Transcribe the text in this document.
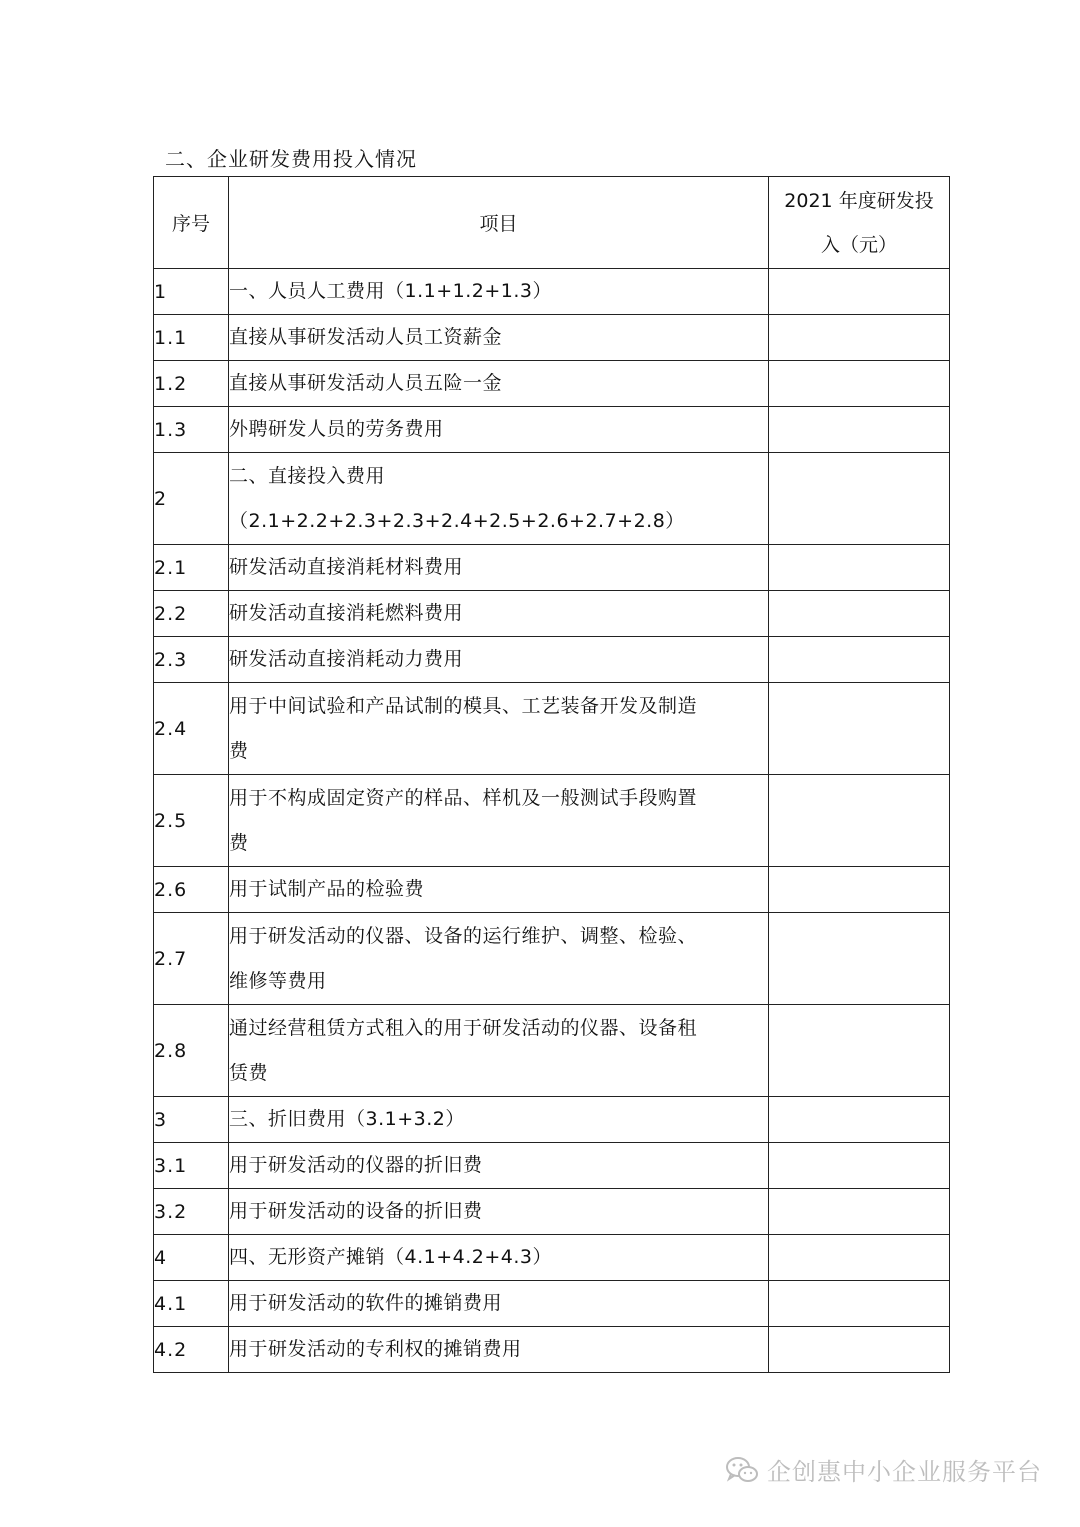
二、企业研发费用投入情况
序号	项目	2021 年度研发投
入（元）

1	一、人员人工费用（1.1+1.2+1.3）	
1.1	直接从事研发活动人员工资薪金	
1.2	直接从事研发活动人员五险一金	
1.3	外聘研发人员的劳务费用	
2	二、直接投入费用
（2.1+2.2+2.3+2.3+2.4+2.5+2.6+2.7+2.8）	

2.1	研发活动直接消耗材料费用	
2.2	研发活动直接消耗燃料费用	
2.3	研发活动直接消耗动力费用	
2.4	用于中间试验和产品试制的模具、工艺装备开发及制造
费	

2.5	用于不构成固定资产的样品、样机及一般测试手段购置
费	

2.6	用于试制产品的检验费	
2.7	用于研发活动的仪器、设备的运行维护、调整、检验、
维修等费用	

2.8	通过经营租赁方式租入的用于研发活动的仪器、设备租
赁费	

3	三、折旧费用（3.1+3.2）	
3.1	用于研发活动的仪器的折旧费	
3.2	用于研发活动的设备的折旧费	
4	四、无形资产摊销（4.1+4.2+4.3）	
4.1	用于研发活动的软件的摊销费用	
4.2	用于研发活动的专利权的摊销费用	
企创惠中小企业服务平台
